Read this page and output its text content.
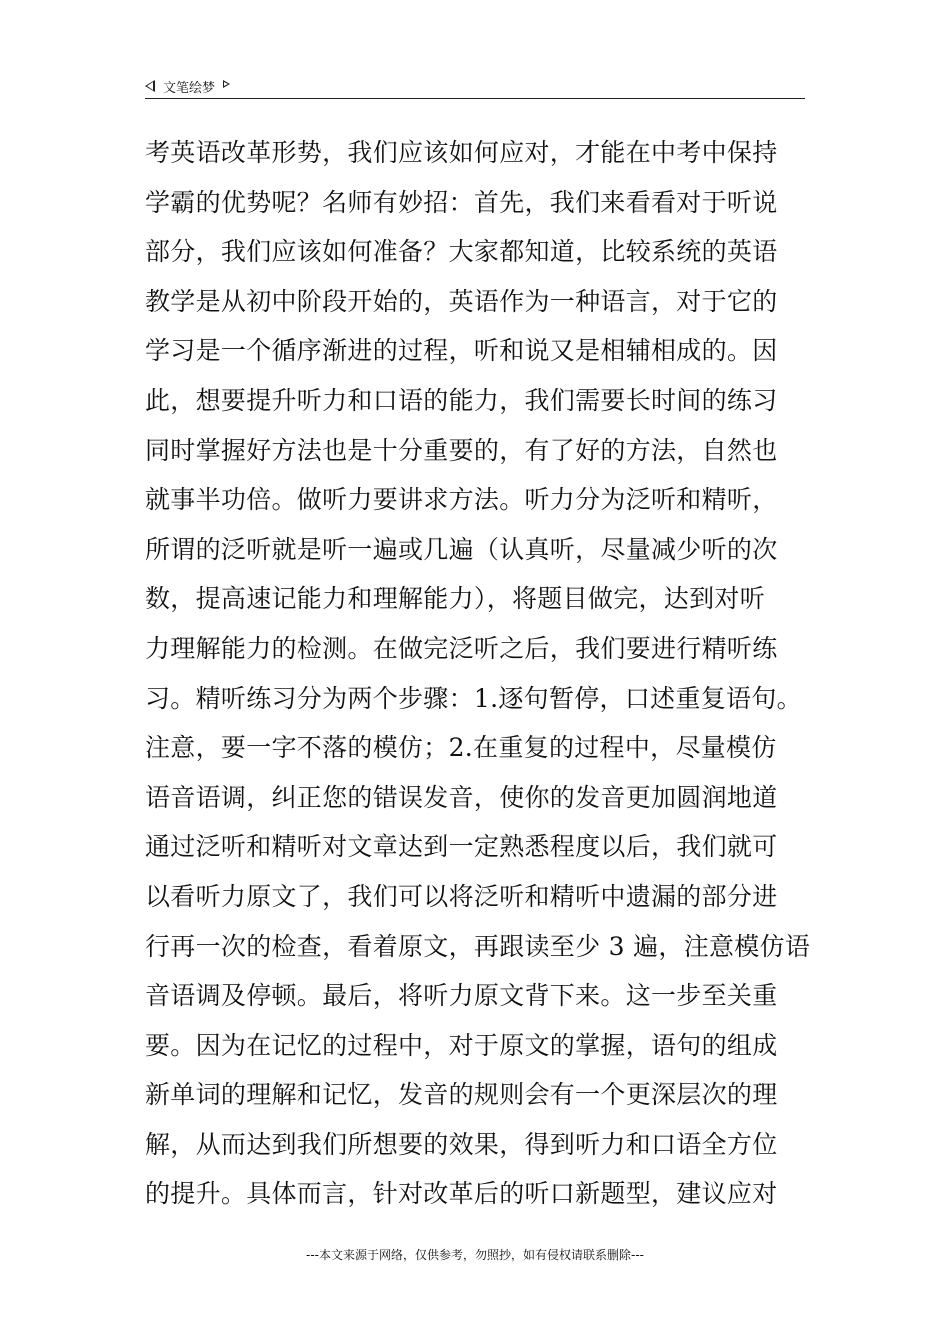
文笔绘梦
考英语改革形势，我们应该如何应对，才能在中考中保持
学霸的优势呢？名师有妙招：首先，我们来看看对于听说
部分，我们应该如何准备？大家都知道，比较系统的英语
教学是从初中阶段开始的，英语作为一种语言，对于它的
学习是一个循序渐进的过程，听和说又是相辅相成的。因
此，想要提升听力和口语的能力，我们需要长时间的练习
同时掌握好方法也是十分重要的，有了好的方法，自然也
就事半功倍。做听力要讲求方法。听力分为泛听和精听，
所谓的泛听就是听一遍或几遍（认真听，尽量减少听的次
数，提高速记能力和理解能力），将题目做完，达到对听
力理解能力的检测。在做完泛听之后，我们要进行精听练
习。精听练习分为两个步骤：1.逐句暂停，口述重复语句。
注意，要一字不落的模仿；2.在重复的过程中，尽量模仿
语音语调，纠正您的错误发音，使你的发音更加圆润地道
通过泛听和精听对文章达到一定熟悉程度以后，我们就可
以看听力原文了，我们可以将泛听和精听中遗漏的部分进
行再一次的检查，看着原文，再跟读至少 3 遍，注意模仿语
音语调及停顿。最后，将听力原文背下来。这一步至关重
要。因为在记忆的过程中，对于原文的掌握，语句的组成
新单词的理解和记忆，发音的规则会有一个更深层次的理
解，从而达到我们所想要的效果，得到听力和口语全方位
的提升。具体而言，针对改革后的听口新题型，建议应对
---本文来源于网络，仅供参考，勿照抄，如有侵权请联系删除---
